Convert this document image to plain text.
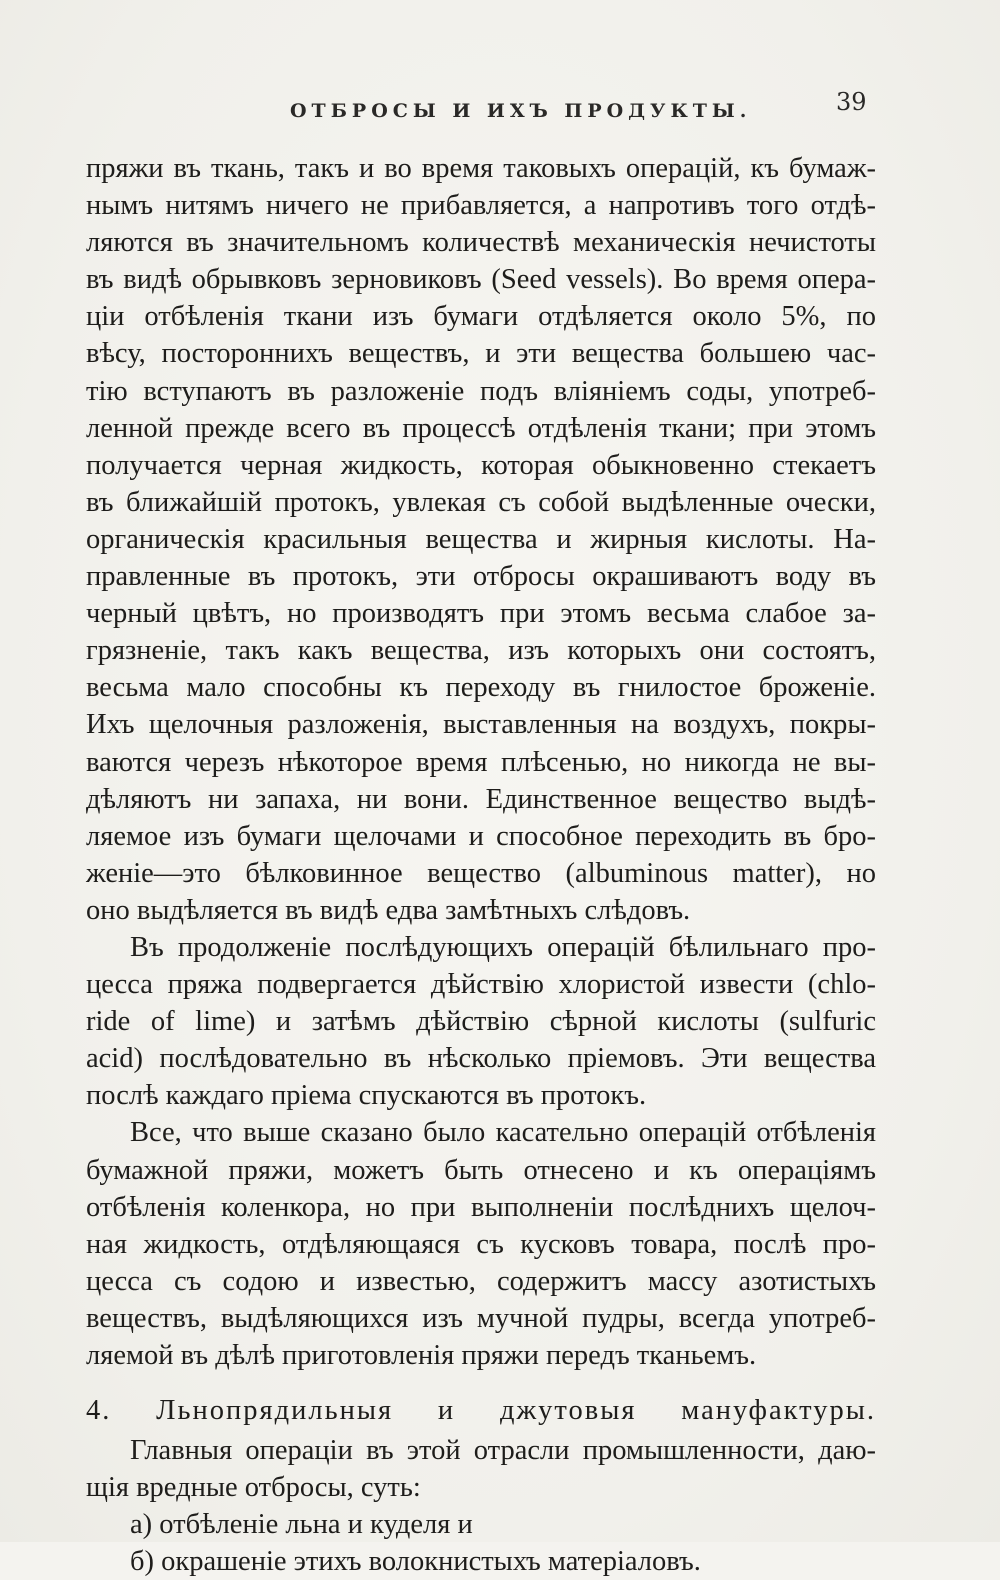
ОТБРОСЫ И ИХЪ ПРОДУКТЫ.	39
пряжи въ ткань, такъ и во время таковыхъ операцій, къ бумаж-
нымъ нитямъ ничего не прибавляется, а напротивъ того отдѣ-
ляются въ значительномъ количествѣ механическія нечистоты
въ видѣ обрывковъ зерновиковъ (Seed vessels). Во время опера-
ціи отбѣленія ткани изъ бумаги отдѣляется около 5%, по
вѣсу, постороннихъ веществъ, и эти вещества большею час-
тію вступаютъ въ разложеніе подъ вліяніемъ соды, употреб-
ленной прежде всего въ процессѣ отдѣленія ткани; при этомъ
получается черная жидкость, которая обыкновенно стекаетъ
въ ближайшій протокъ, увлекая съ собой выдѣленные очески,
органическія красильныя вещества и жирныя кислоты. На-
правленные въ протокъ, эти отбросы окрашиваютъ воду въ
черный цвѣтъ, но производятъ при этомъ весьма слабое за-
грязненіе, такъ какъ вещества, изъ которыхъ они состоятъ,
весьма мало способны къ переходу въ гнилостое броженіе.
Ихъ щелочныя разложенія, выставленныя на воздухъ, покры-
ваются черезъ нѣкоторое время плѣсенью, но никогда не вы-
дѣляютъ ни запаха, ни вони. Единственное вещество выдѣ-
ляемое изъ бумаги щелочами и способное переходить въ бро-
женіе—это бѣлковинное вещество (albuminous matter), но
оно выдѣляется въ видѣ едва замѣтныхъ слѣдовъ.
Въ продолженіе послѣдующихъ операцій бѣлильнаго про-
цесса пряжа подвергается дѣйствію хлористой извести (chlo-
ride of lime) и затѣмъ дѣйствію сѣрной кислоты (sulfuric
acid) послѣдовательно въ нѣсколько пріемовъ. Эти вещества
послѣ каждаго пріема спускаются въ протокъ.
Все, что выше сказано было касательно операцій отбѣленія
бумажной пряжи, можетъ быть отнесено и къ операціямъ
отбѣленія коленкора, но при выполненіи послѣднихъ щелоч-
ная жидкость, отдѣляющаяся съ кусковъ товара, послѣ про-
цесса съ содою и известью, содержитъ массу азотистыхъ
веществъ, выдѣляющихся изъ мучной пудры, всегда употреб-
ляемой въ дѣлѣ приготовленія пряжи передъ тканьемъ.
4. Льнопрядильныя и джутовыя мануфактуры.
Главныя операціи въ этой отрасли промышленности, даю-
щія вредные отбросы, суть:
а) отбѣленіе льна и куделя и
б) окрашеніе этихъ волокнистыхъ матеріаловъ.
